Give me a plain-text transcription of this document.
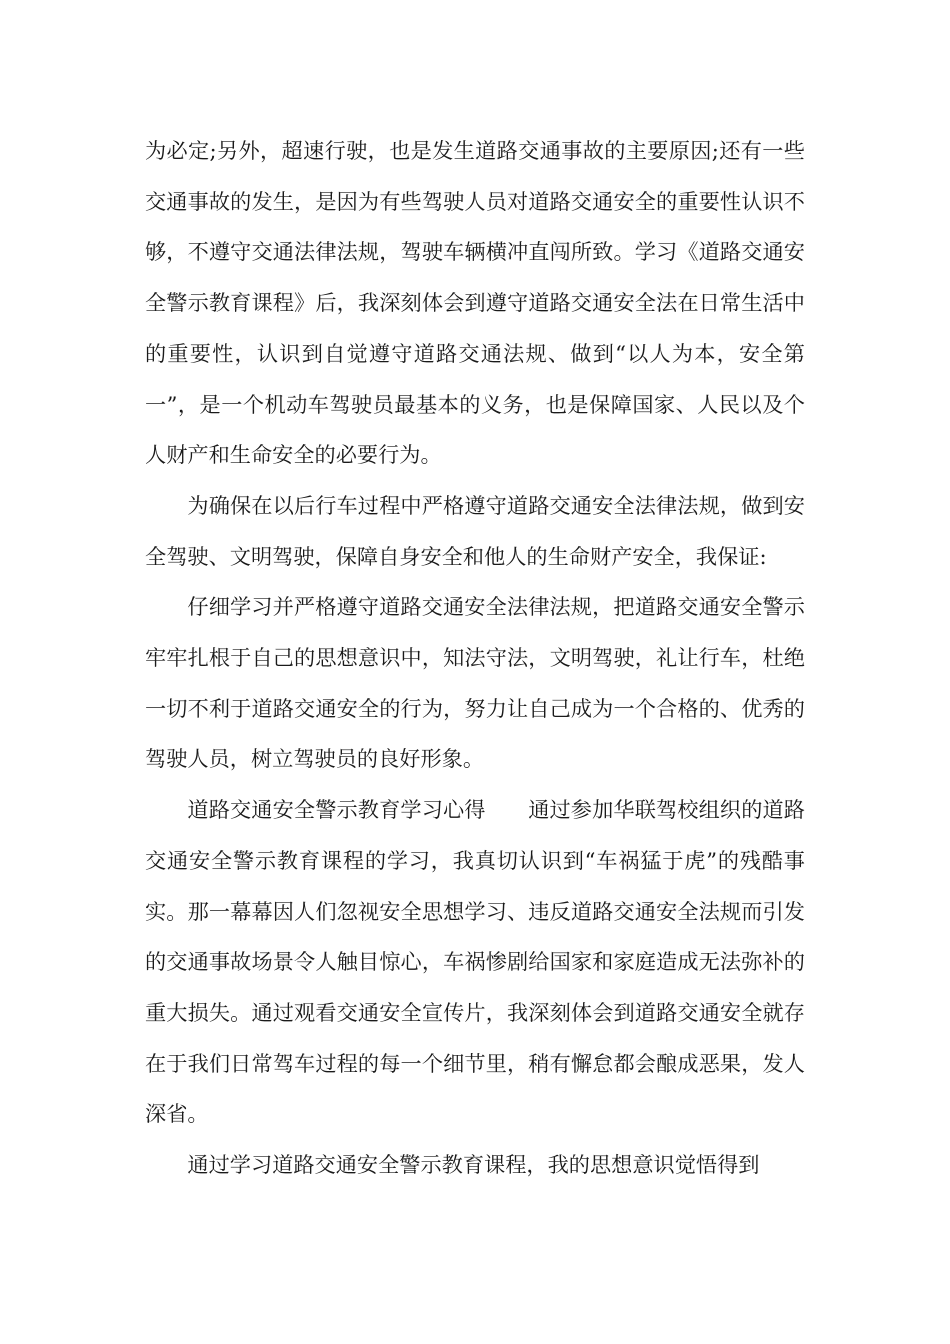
为必定;另外，超速行驶，也是发生道路交通事故的主要原因;还有一些交通事故的发生，是因为有些驾驶人员对道路交通安全的重要性认识不够，不遵守交通法律法规，驾驶车辆横冲直闯所致。学习《道路交通安全警示教育课程》后，我深刻体会到遵守道路交通安全法在日常生活中的重要性，认识到自觉遵守道路交通法规、做到“以人为本，安全第一”，是一个机动车驾驶员最基本的义务，也是保障国家、人民以及个人财产和生命安全的必要行为。

为确保在以后行车过程中严格遵守道路交通安全法律法规，做到安全驾驶、文明驾驶，保障自身安全和他人的生命财产安全，我保证:

仔细学习并严格遵守道路交通安全法律法规，把道路交通安全警示牢牢扎根于自己的思想意识中，知法守法，文明驾驶，礼让行车，杜绝一切不利于道路交通安全的行为，努力让自己成为一个合格的、优秀的驾驶人员，树立驾驶员的良好形象。

道路交通安全警示教育学习心得　　通过参加华联驾校组织的道路交通安全警示教育课程的学习，我真切认识到“车祸猛于虎”的残酷事实。那一幕幕因人们忽视安全思想学习、违反道路交通安全法规而引发的交通事故场景令人触目惊心，车祸惨剧给国家和家庭造成无法弥补的重大损失。通过观看交通安全宣传片，我深刻体会到道路交通安全就存在于我们日常驾车过程的每一个细节里，稍有懈怠都会酿成恶果，发人深省。

通过学习道路交通安全警示教育课程，我的思想意识觉悟得到
